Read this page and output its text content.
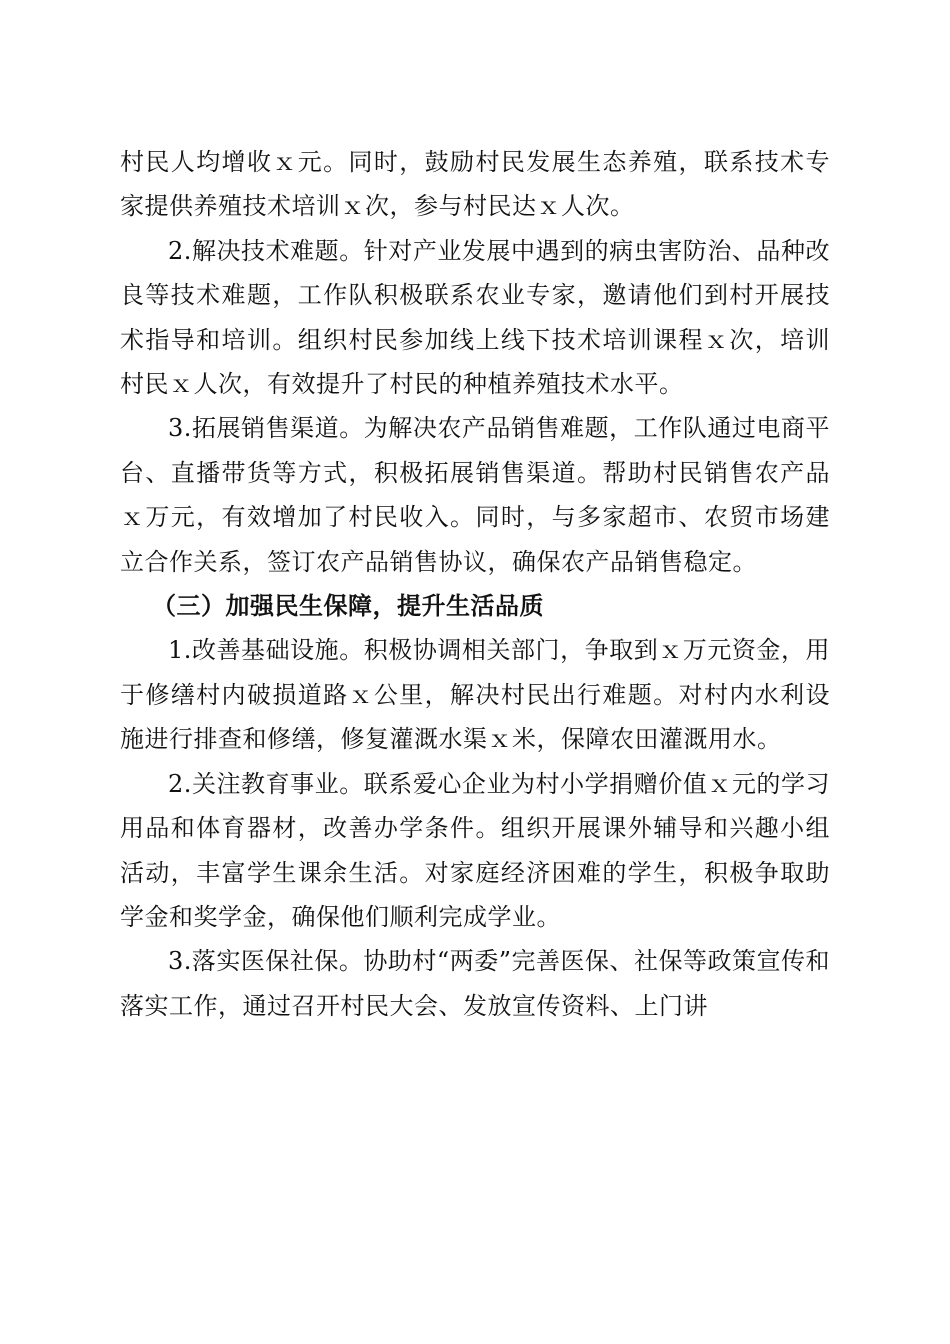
村民人均增收ｘ元。同时，鼓励村民发展生态养殖，联系技术专家提供养殖技术培训ｘ次，参与村民达ｘ人次。

2.解决技术难题。针对产业发展中遇到的病虫害防治、品种改良等技术难题，工作队积极联系农业专家，邀请他们到村开展技术指导和培训。组织村民参加线上线下技术培训课程ｘ次，培训村民ｘ人次，有效提升了村民的种植养殖技术水平。

3.拓展销售渠道。为解决农产品销售难题，工作队通过电商平台、直播带货等方式，积极拓展销售渠道。帮助村民销售农产品ｘ万元，有效增加了村民收入。同时，与多家超市、农贸市场建立合作关系，签订农产品销售协议，确保农产品销售稳定。

（三）加强民生保障，提升生活品质

1.改善基础设施。积极协调相关部门，争取到ｘ万元资金，用于修缮村内破损道路ｘ公里，解决村民出行难题。对村内水利设施进行排查和修缮，修复灌溉水渠ｘ米，保障农田灌溉用水。

2.关注教育事业。联系爱心企业为村小学捐赠价值ｘ元的学习用品和体育器材，改善办学条件。组织开展课外辅导和兴趣小组活动，丰富学生课余生活。对家庭经济困难的学生，积极争取助学金和奖学金，确保他们顺利完成学业。

3.落实医保社保。协助村“两委”完善医保、社保等政策宣传和落实工作，通过召开村民大会、发放宣传资料、上门讲
